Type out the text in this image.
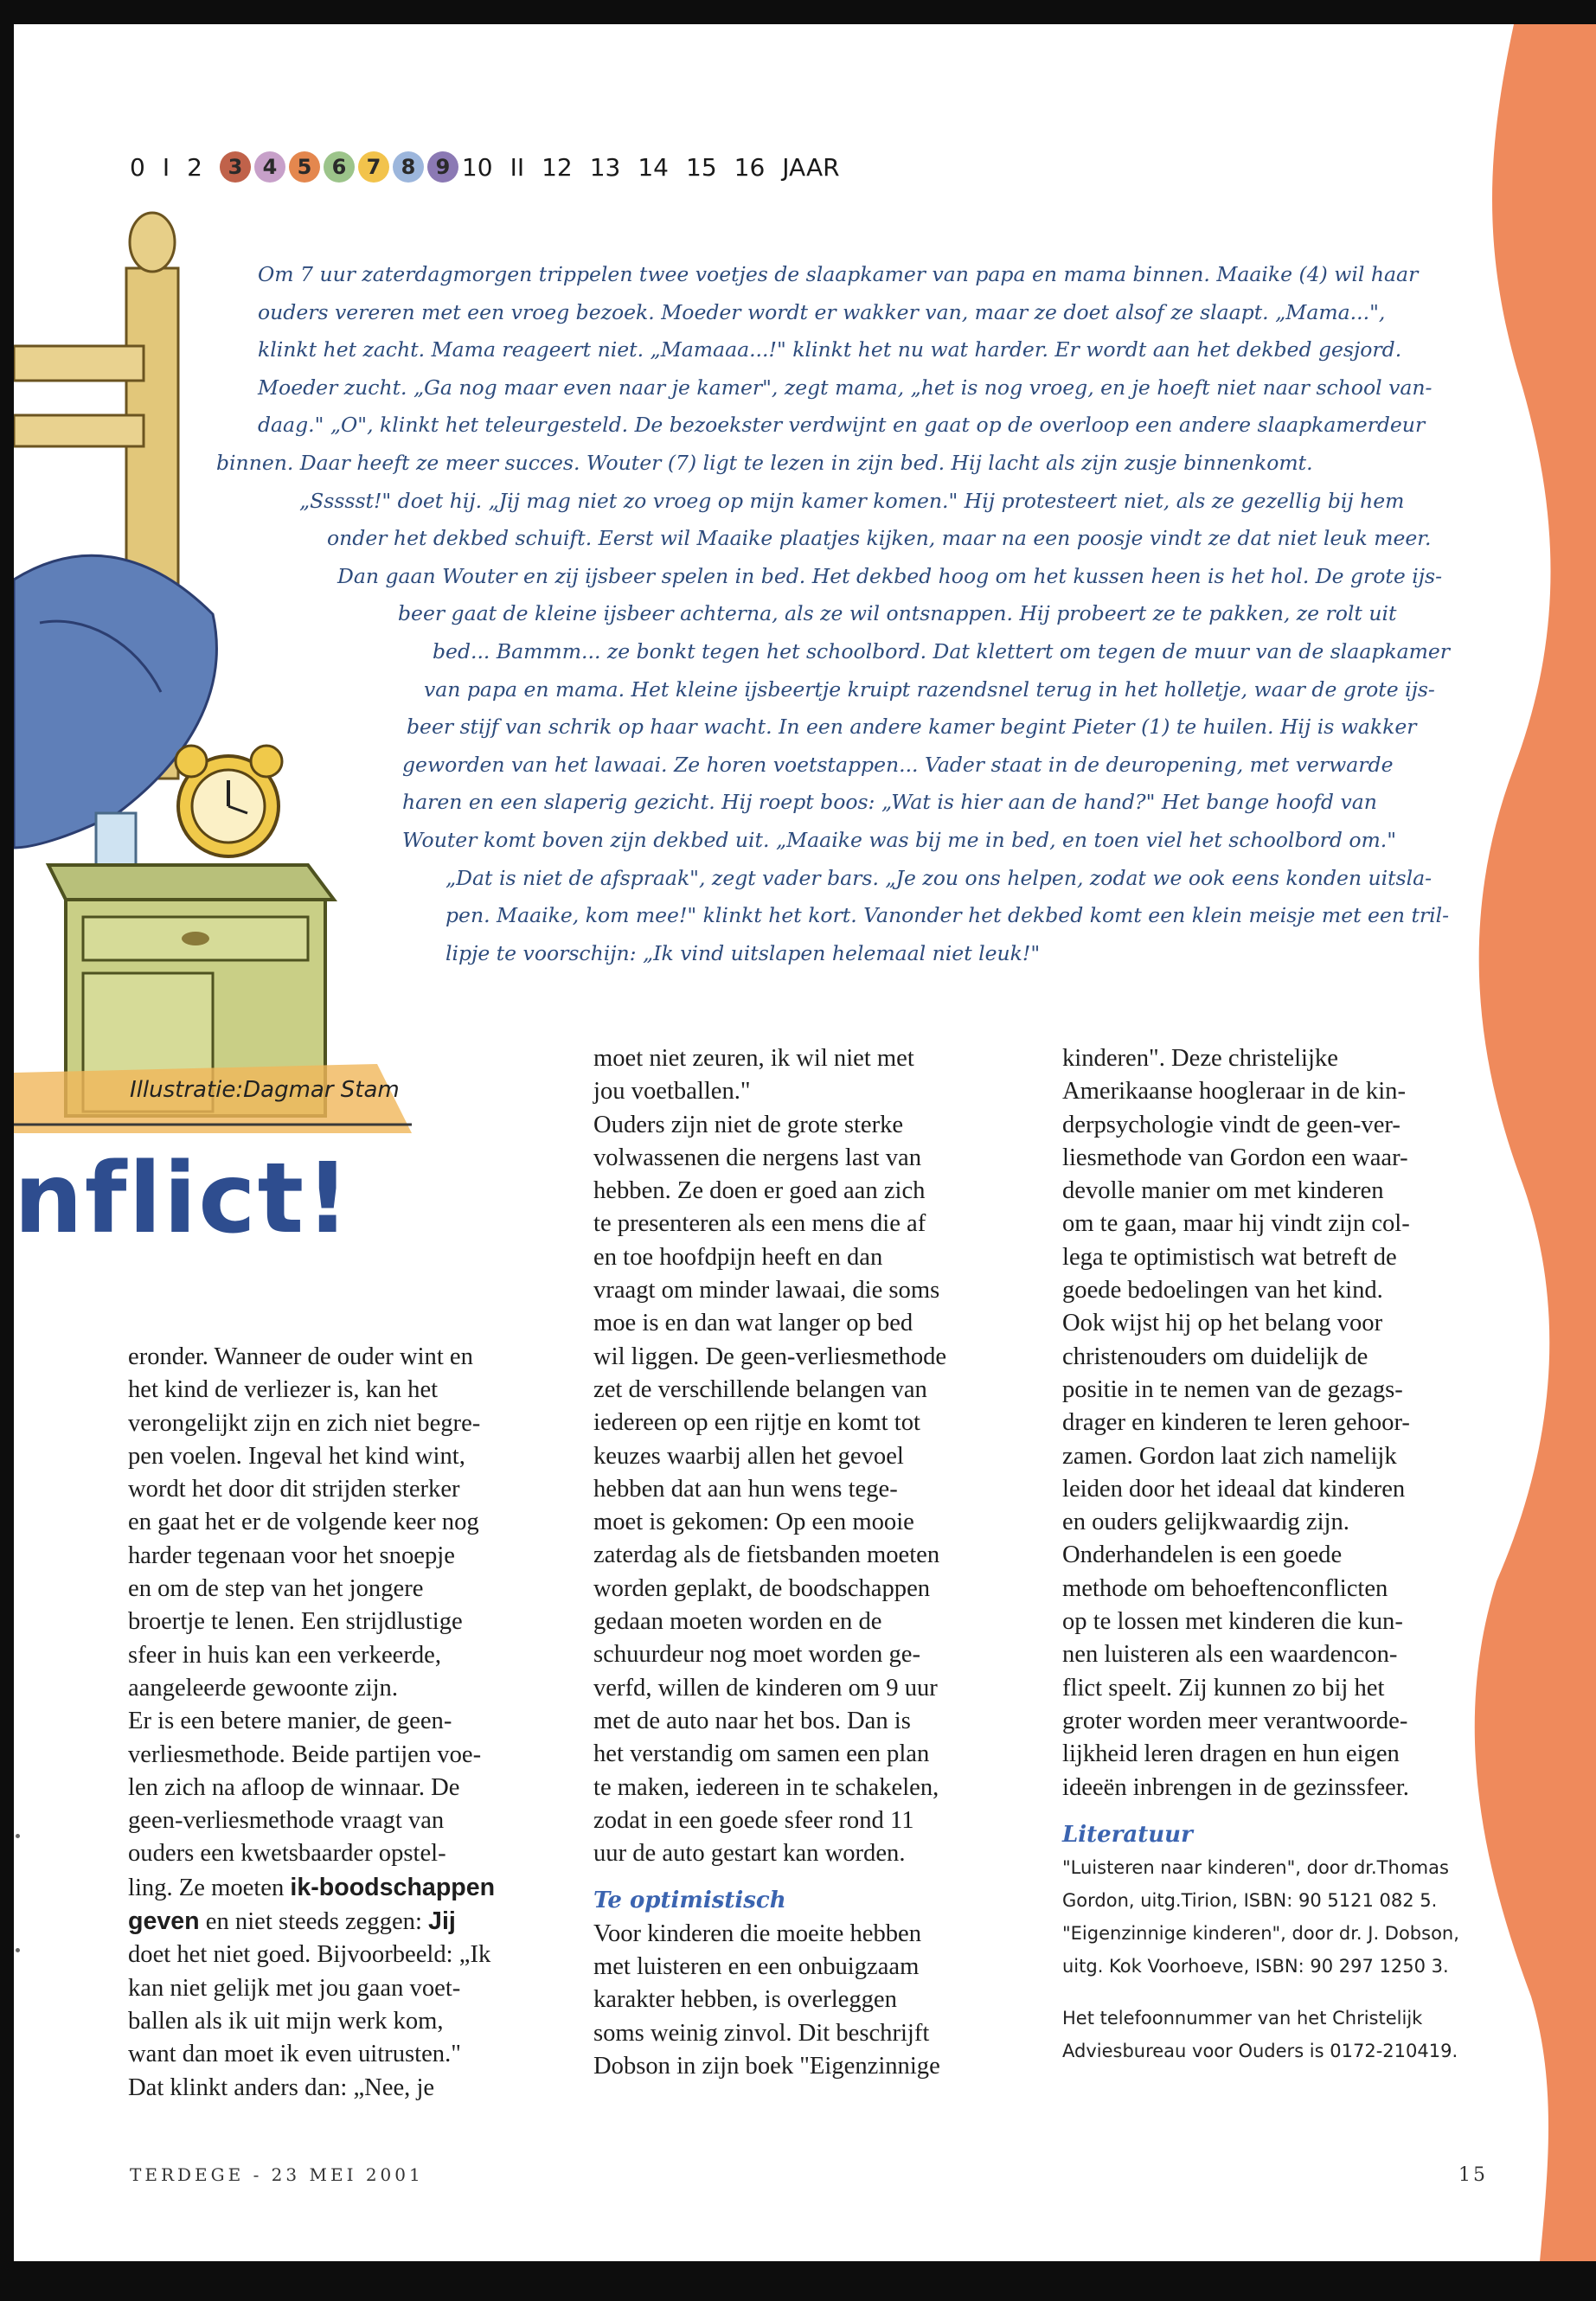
0 I 2	3 4 5 6 7 8 9 10 II 12 13 14 15 16 JAAR
Illustratie:Dagmar Stam
Om 7 uur zaterdagmorgen trippelen twee voetjes de slaapkamer van papa en mama binnen. Maaike (4) wil haar
ouders vereren met een vroeg bezoek. Moeder wordt er wakker van, maar ze doet alsof ze slaapt. „Mama...",
klinkt het zacht. Mama reageert niet. „Mamaaa...!" klinkt het nu wat harder. Er wordt aan het dekbed gesjord.
Moeder zucht. „Ga nog maar even naar je kamer", zegt mama, „het is nog vroeg, en je hoeft niet naar school van-
daag." „O", klinkt het teleurgesteld. De bezoekster verdwijnt en gaat op de overloop een andere slaapkamerdeur
binnen. Daar heeft ze meer succes. Wouter (7) ligt te lezen in zijn bed. Hij lacht als zijn zusje binnenkomt.
„Ssssst!" doet hij. „Jij mag niet zo vroeg op mijn kamer komen." Hij protesteert niet, als ze gezellig bij hem
onder het dekbed schuift. Eerst wil Maaike plaatjes kijken, maar na een poosje vindt ze dat niet leuk meer.
Dan gaan Wouter en zij ijsbeer spelen in bed. Het dekbed hoog om het kussen heen is het hol. De grote ijs-
beer gaat de kleine ijsbeer achterna, als ze wil ontsnappen. Hij probeert ze te pakken, ze rolt uit
bed... Bammm... ze bonkt tegen het schoolbord. Dat klettert om tegen de muur van de slaapkamer
van papa en mama. Het kleine ijsbeertje kruipt razendsnel terug in het holletje, waar de grote ijs-
beer stijf van schrik op haar wacht. In een andere kamer begint Pieter (1) te huilen. Hij is wakker
geworden van het lawaai. Ze horen voetstappen... Vader staat in de deuropening, met verwarde
haren en een slaperig gezicht. Hij roept boos: „Wat is hier aan de hand?" Het bange hoofd van
Wouter komt boven zijn dekbed uit. „Maaike was bij me in bed, en toen viel het schoolbord om."
„Dat is niet de afspraak", zegt vader bars. „Je zou ons helpen, zodat we ook eens konden uitsla-
pen. Maaike, kom mee!" klinkt het kort. Vanonder het dekbed komt een klein meisje met een tril-
lipje te voorschijn: „Ik vind uitslapen helemaal niet leuk!"
nflict!
eronder. Wanneer de ouder wint en
het kind de verliezer is, kan het
verongelijkt zijn en zich niet begre-
pen voelen. Ingeval het kind wint,
wordt het door dit strijden sterker
en gaat het er de volgende keer nog
harder tegenaan voor het snoepje
en om de step van het jongere
broertje te lenen. Een strijdlustige
sfeer in huis kan een verkeerde,
aangeleerde gewoonte zijn.
Er is een betere manier, de geen-
verliesmethode. Beide partijen voe-
len zich na afloop de winnaar. De
geen-verliesmethode vraagt van
ouders een kwetsbaarder opstel-
ling. Ze moeten ik-boodschappen
geven en niet steeds zeggen: Jij
doet het niet goed. Bijvoorbeeld: „Ik
kan niet gelijk met jou gaan voet-
ballen als ik uit mijn werk kom,
want dan moet ik even uitrusten."
Dat klinkt anders dan: „Nee, je
moet niet zeuren, ik wil niet met
jou voetballen."
Ouders zijn niet de grote sterke
volwassenen die nergens last van
hebben. Ze doen er goed aan zich
te presenteren als een mens die af
en toe hoofdpijn heeft en dan
vraagt om minder lawaai, die soms
moe is en dan wat langer op bed
wil liggen. De geen-verliesmethode
zet de verschillende belangen van
iedereen op een rijtje en komt tot
keuzes waarbij allen het gevoel
hebben dat aan hun wens tege-
moet is gekomen: Op een mooie
zaterdag als de fietsbanden moeten
worden geplakt, de boodschappen
gedaan moeten worden en de
schuurdeur nog moet worden ge-
verfd, willen de kinderen om 9 uur
met de auto naar het bos. Dan is
het verstandig om samen een plan
te maken, iedereen in te schakelen,
zodat in een goede sfeer rond 11
uur de auto gestart kan worden.
Te optimistisch
Voor kinderen die moeite hebben
met luisteren en een onbuigzaam
karakter hebben, is overleggen
soms weinig zinvol. Dit beschrijft
Dobson in zijn boek "Eigenzinnige
kinderen". Deze christelijke
Amerikaanse hoogleraar in de kin-
derpsychologie vindt de geen-ver-
liesmethode van Gordon een waar-
devolle manier om met kinderen
om te gaan, maar hij vindt zijn col-
lega te optimistisch wat betreft de
goede bedoelingen van het kind.
Ook wijst hij op het belang voor
christenouders om duidelijk de
positie in te nemen van de gezags-
drager en kinderen te leren gehoor-
zamen. Gordon laat zich namelijk
leiden door het ideaal dat kinderen
en ouders gelijkwaardig zijn.
Onderhandelen is een goede
methode om behoeftenconflicten
op te lossen met kinderen die kun-
nen luisteren als een waardencon-
flict speelt. Zij kunnen zo bij het
groter worden meer verantwoorde-
lijkheid leren dragen en hun eigen
ideeën inbrengen in de gezinssfeer.
Literatuur
"Luisteren naar kinderen", door dr.Thomas
Gordon, uitg.Tirion, ISBN: 90 5121 082 5.
"Eigenzinnige kinderen", door dr. J. Dobson,
uitg. Kok Voorhoeve, ISBN: 90 297 1250 3.
Het telefoonnummer van het Christelijk
Adviesbureau voor Ouders is 0172-210419.
TERDEGE - 23 MEI 2001	15
